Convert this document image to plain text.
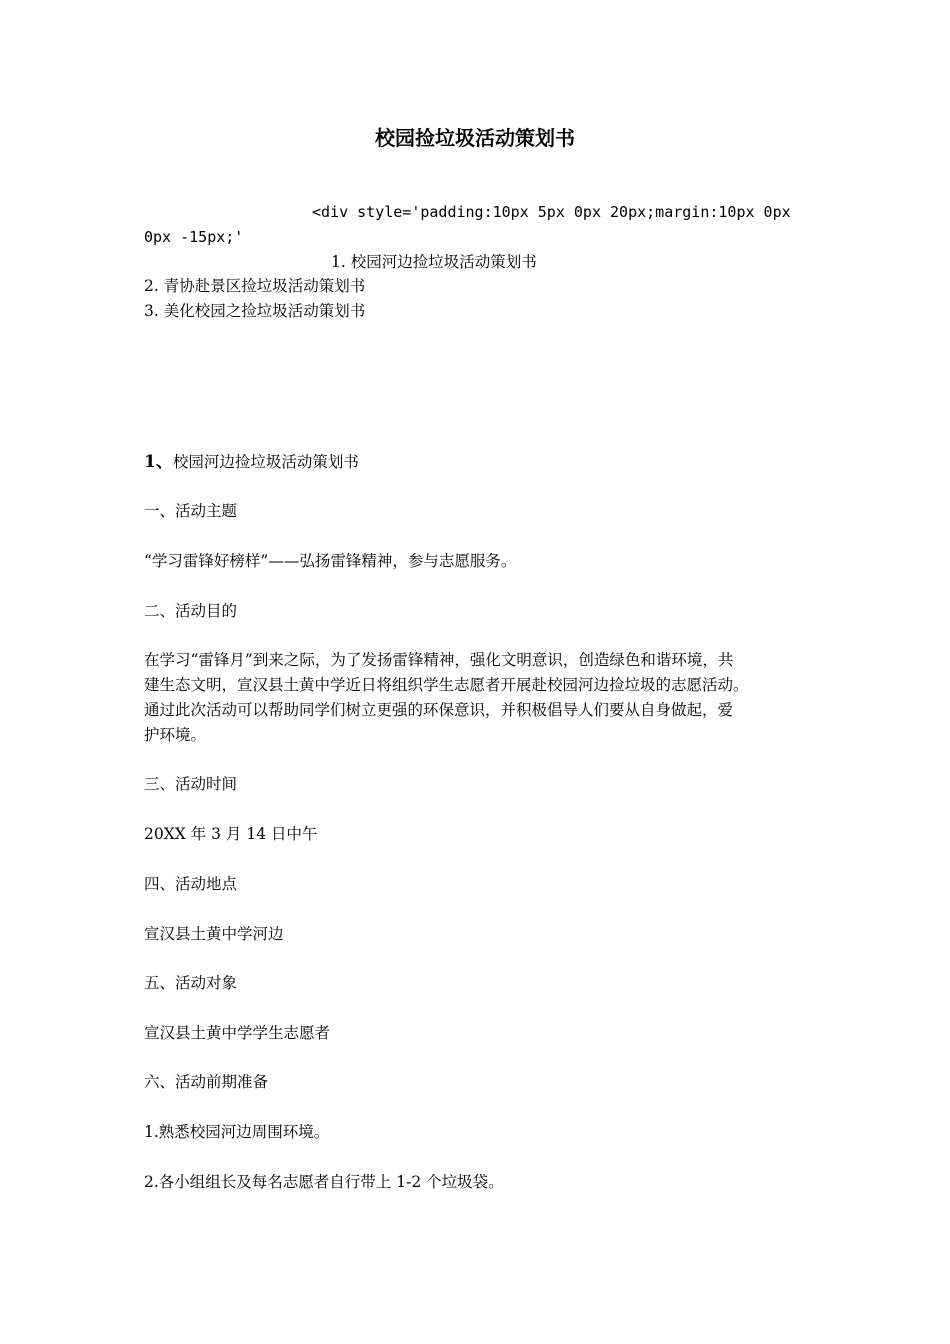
校园捡垃圾活动策划书
<div style='padding:10px 5px 0px 20px;margin:10px 0px
0px -15px;'
1. 校园河边捡垃圾活动策划书
2. 青协赴景区捡垃圾活动策划书
3. 美化校园之捡垃圾活动策划书
1、校园河边捡垃圾活动策划书
一、活动主题
“学习雷锋好榜样”——弘扬雷锋精神，参与志愿服务。
二、活动目的
在学习“雷锋月”到来之际，为了发扬雷锋精神，强化文明意识，创造绿色和谐环境，共
建生态文明，宣汉县土黄中学近日将组织学生志愿者开展赴校园河边捡垃圾的志愿活动。
通过此次活动可以帮助同学们树立更强的环保意识，并积极倡导人们要从自身做起，爱
护环境。
三、活动时间
20XX 年 3 月 14 日中午
四、活动地点
宣汉县土黄中学河边
五、活动对象
宣汉县土黄中学学生志愿者
六、活动前期准备
1.熟悉校园河边周围环境。
2.各小组组长及每名志愿者自行带上 1-2 个垃圾袋。
